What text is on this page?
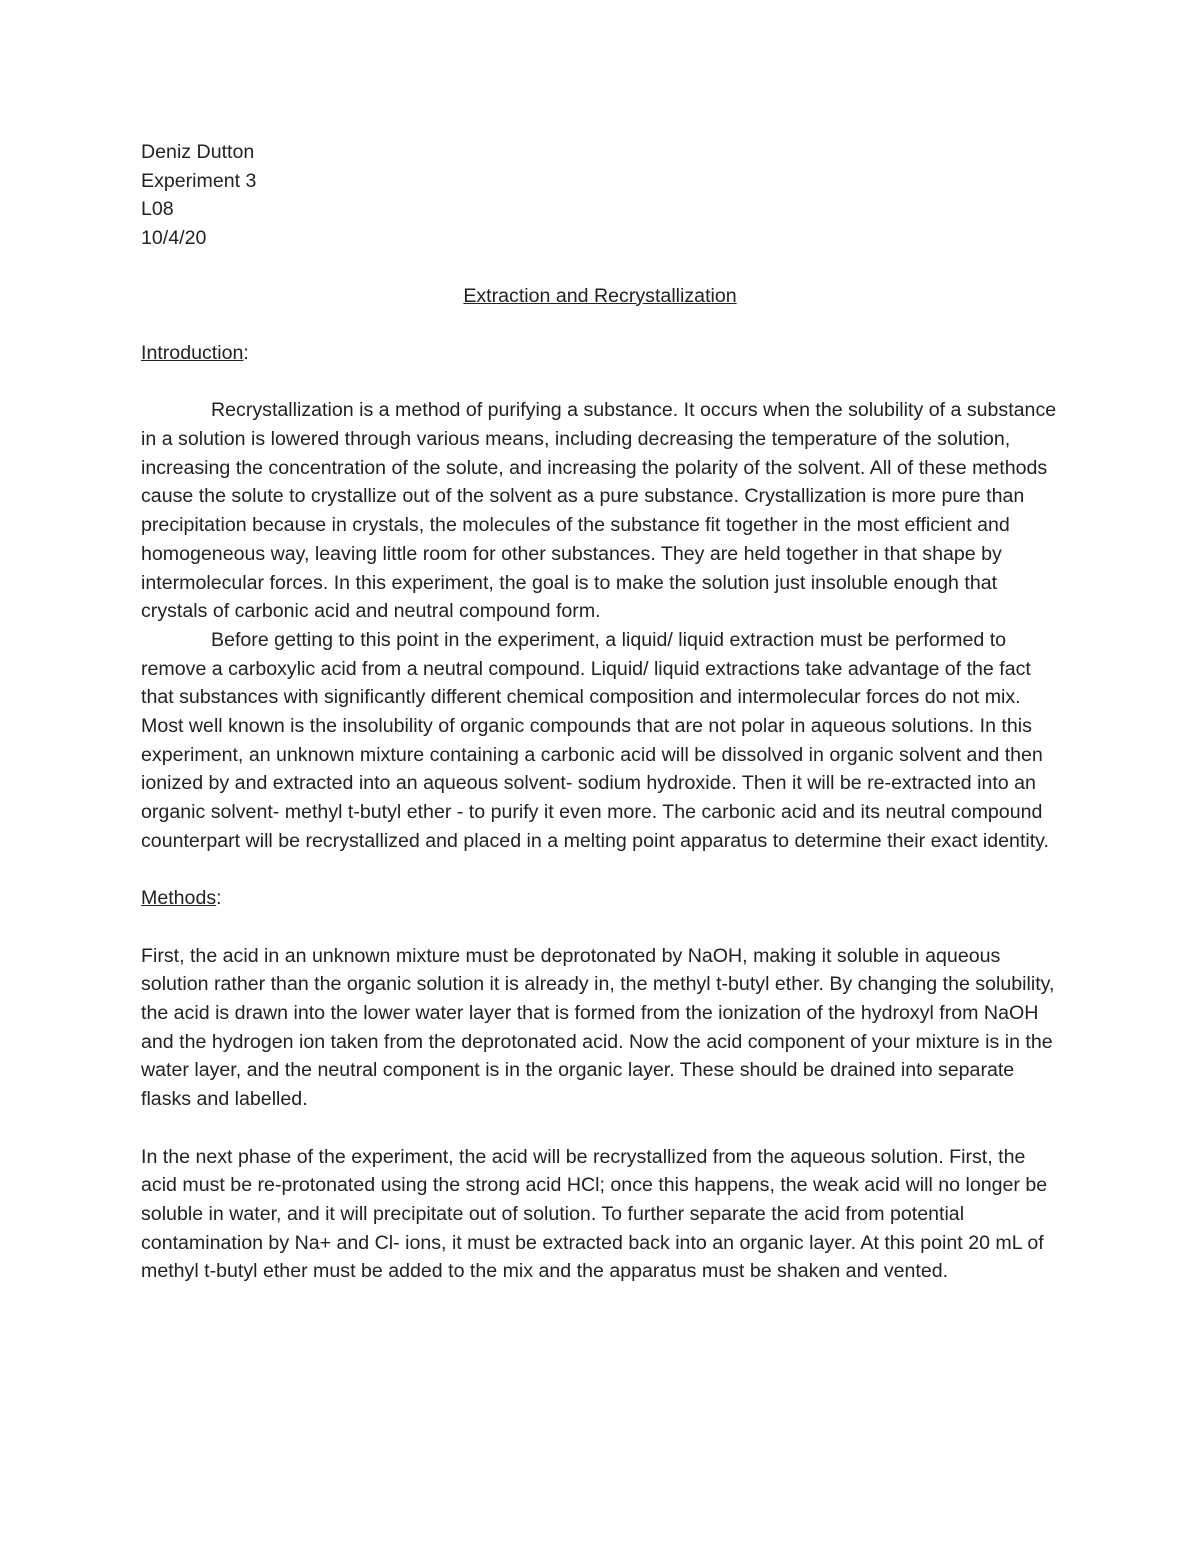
Deniz Dutton
Experiment 3
L08
10/4/20
Extraction and Recrystallization
Introduction:

Recrystallization is a method of purifying a substance. It occurs when the solubility of a substance in a solution is lowered through various means, including decreasing the temperature of the solution, increasing the concentration of the solute, and increasing the polarity of the solvent. All of these methods cause the solute to crystallize out of the solvent as a pure substance. Crystallization is more pure than precipitation because in crystals, the molecules of the substance fit together in the most efficient and homogeneous way, leaving little room for other substances. They are held together in that shape by intermolecular forces. In this experiment, the goal is to make the solution just insoluble enough that crystals of carbonic acid and neutral compound form.

Before getting to this point in the experiment, a liquid/ liquid extraction must be performed to remove a carboxylic acid from a neutral compound. Liquid/ liquid extractions take advantage of the fact that substances with significantly different chemical composition and intermolecular forces do not mix. Most well known is the insolubility of organic compounds that are not polar in aqueous solutions. In this experiment, an unknown mixture containing a carbonic acid will be dissolved in organic solvent and then ionized by and extracted into an aqueous solvent- sodium hydroxide. Then it will be re-extracted into an organic solvent- methyl t-butyl ether - to purify it even more. The carbonic acid and its neutral compound counterpart will be recrystallized and placed in a melting point apparatus to determine their exact identity.

Methods:

First, the acid in an unknown mixture must be deprotonated by NaOH, making it soluble in aqueous solution rather than the organic solution it is already in, the methyl t-butyl ether. By changing the solubility, the acid is drawn into the lower water layer that is formed from the ionization of the hydroxyl from NaOH and the hydrogen ion taken from the deprotonated acid. Now the acid component of your mixture is in the water layer, and the neutral component is in the organic layer. These should be drained into separate flasks and labelled.

In the next phase of the experiment, the acid will be recrystallized from the aqueous solution. First, the acid must be re-protonated using the strong acid HCl; once this happens, the weak acid will no longer be soluble in water, and it will precipitate out of solution. To further separate the acid from potential contamination by Na+ and Cl- ions, it must be extracted back into an organic layer. At this point 20 mL of methyl t-butyl ether must be added to the mix and the apparatus must be shaken and vented.
